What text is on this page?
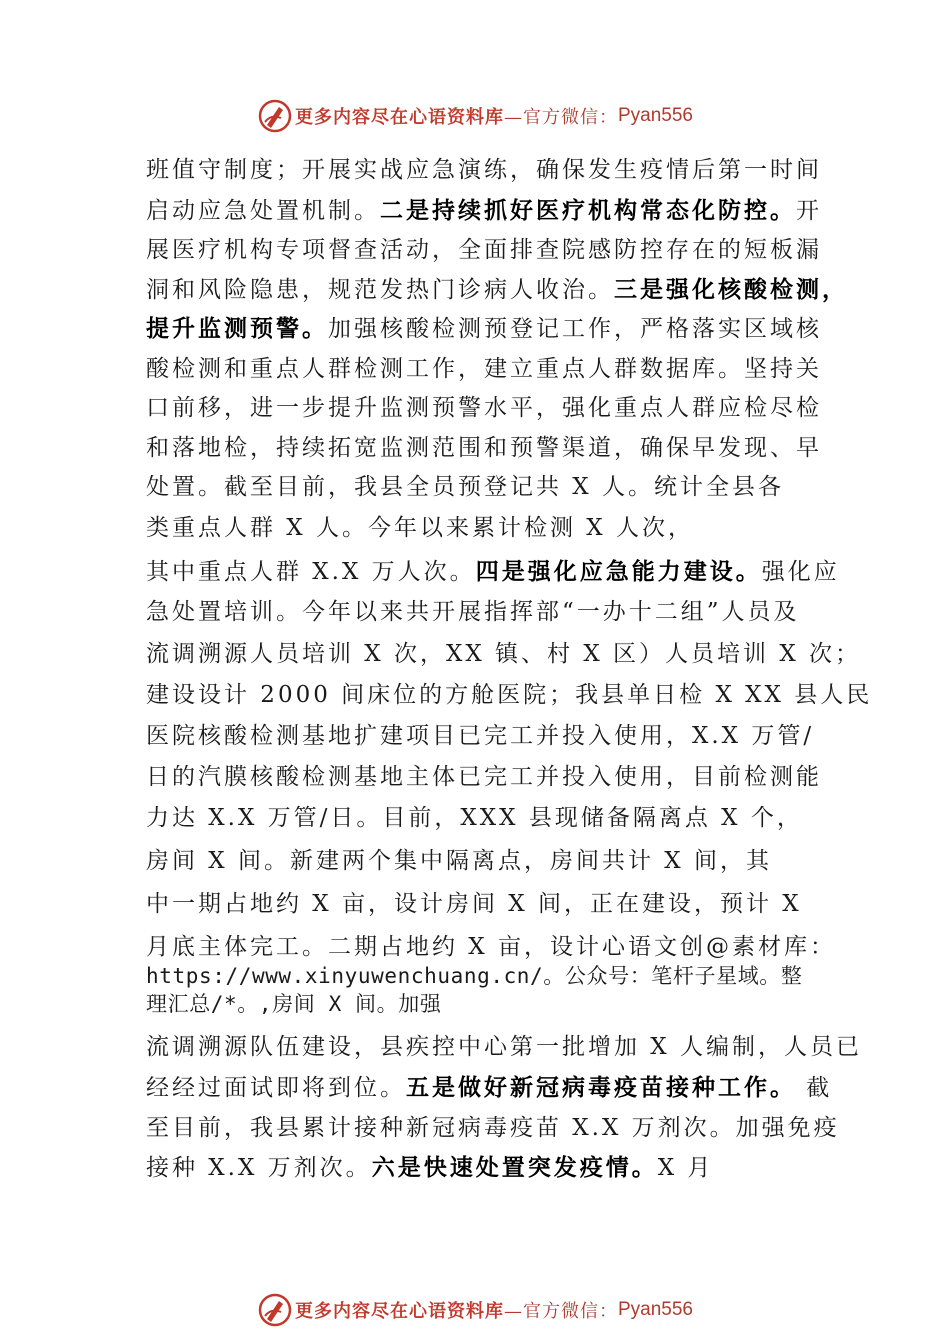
更多内容尽在心语资料库 —官方微信： Pyan556
班值守制度；开展实战应急演练，确保发生疫情后第一时间
启动应急处置机制。二是持续抓好医疗机构常态化防控。开
展医疗机构专项督查活动，全面排查院感防控存在的短板漏
洞和风险隐患，规范发热门诊病人收治。三是强化核酸检测，
提升监测预警。加强核酸检测预登记工作，严格落实区域核
酸检测和重点人群检测工作，建立重点人群数据库。坚持关
口前移，进一步提升监测预警水平，强化重点人群应检尽检
和落地检，持续拓宽监测范围和预警渠道，确保早发现、早
处置。截至目前，我县全员预登记共 X 人。统计全县各
类重点人群 X 人。今年以来累计检测 X 人次，
其中重点人群 X.X 万人次。四是强化应急能力建设。强化应
急处置培训。今年以来共开展指挥部“一办十二组”人员及
流调溯源人员培训 X 次，XX 镇、村 X 区）人员培训 X 次；
建设设计 2000 间床位的方舱医院；我县单日检 X XX 县人民
医院核酸检测基地扩建项目已完工并投入使用，X.X 万管/
日的汽膜核酸检测基地主体已完工并投入使用，目前检测能
力达 X.X 万管/日。目前，XXX 县现储备隔离点 X 个，
房间 X 间。新建两个集中隔离点，房间共计 X 间，其
中一期占地约 X 亩，设计房间 X 间，正在建设，预计 X
月底主体完工。二期占地约 X 亩，设计心语文创@素材库：
https://www.xinyuwenchuang.cn/。公众号：笔杆子星域。整
理汇总/*。,房间 X 间。加强
流调溯源队伍建设，县疾控中心第一批增加 X 人编制，人员已
经经过面试即将到位。五是做好新冠病毒疫苗接种工作。 截
至目前，我县累计接种新冠病毒疫苗 X.X 万剂次。加强免疫
接种 X.X 万剂次。六是快速处置突发疫情。X 月
更多内容尽在心语资料库 —官方微信： Pyan556
